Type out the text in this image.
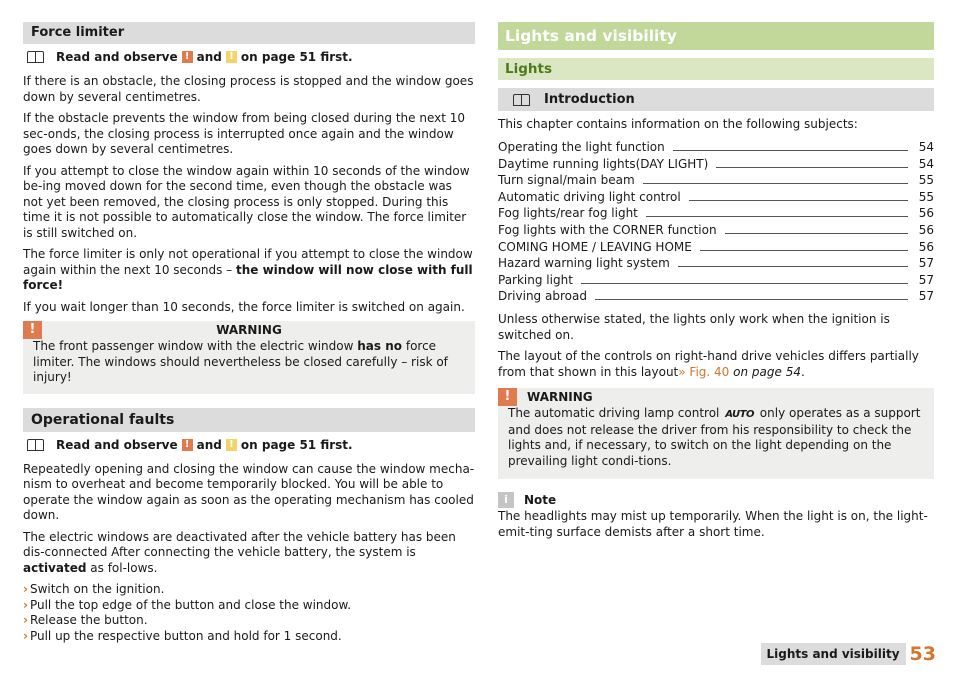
Force limiter
Read and observe ! and ! on page 51 first.

If there is an obstacle, the closing process is stopped and the window goes down by several centimetres.

If the obstacle prevents the window from being closed during the next 10 sec-onds, the closing process is interrupted once again and the window goes down by several centimetres.

If you attempt to close the window again within 10 seconds of the window be-ing moved down for the second time, even though the obstacle was not yet been removed, the closing process is only stopped. During this time it is not possible to automatically close the window. The force limiter is still switched on.

The force limiter is only not operational if you attempt to close the window again within the next 10 seconds – the window will now close with full force!

If you wait longer than 10 seconds, the force limiter is switched on again.

!	WARNING
The front passenger window with the electric window has no force limiter. The windows should nevertheless be closed carefully – risk of injury!
Operational faults
Read and observe ! and ! on page 51 first.

Repeatedly opening and closing the window can cause the window mecha-nism to overheat and become temporarily blocked. You will be able to operate the window again as soon as the operating mechanism has cooled down.

The electric windows are deactivated after the vehicle battery has been dis-connected After connecting the vehicle battery, the system is activated as fol-lows.

› Switch on the ignition.
› Pull the top edge of the button and close the window.
› Release the button.
› Pull up the respective button and hold for 1 second.
Lights and visibility
Lights
Introduction

This chapter contains information on the following subjects:

Operating the light function	54
Daytime running lights(DAY LIGHT)	54
Turn signal/main beam	55
Automatic driving light control	55
Fog lights/rear fog light	56
Fog lights with the CORNER function	56
COMING HOME / LEAVING HOME	56
Hazard warning light system	57
Parking light	57
Driving abroad	57

Unless otherwise stated, the lights only work when the ignition is switched on.

The layout of the controls on right-hand drive vehicles differs partially from that shown in this layout» Fig. 40 on page 54.

!	WARNING
The automatic driving lamp control AUTO only operates as a support and does not release the driver from his responsibility to check the lights and, if necessary, to switch on the light depending on the prevailing light condi-tions.
i	Note

The headlights may mist up temporarily. When the light is on, the light-emit-ting surface demists after a short time.

Lights and visibility 53
